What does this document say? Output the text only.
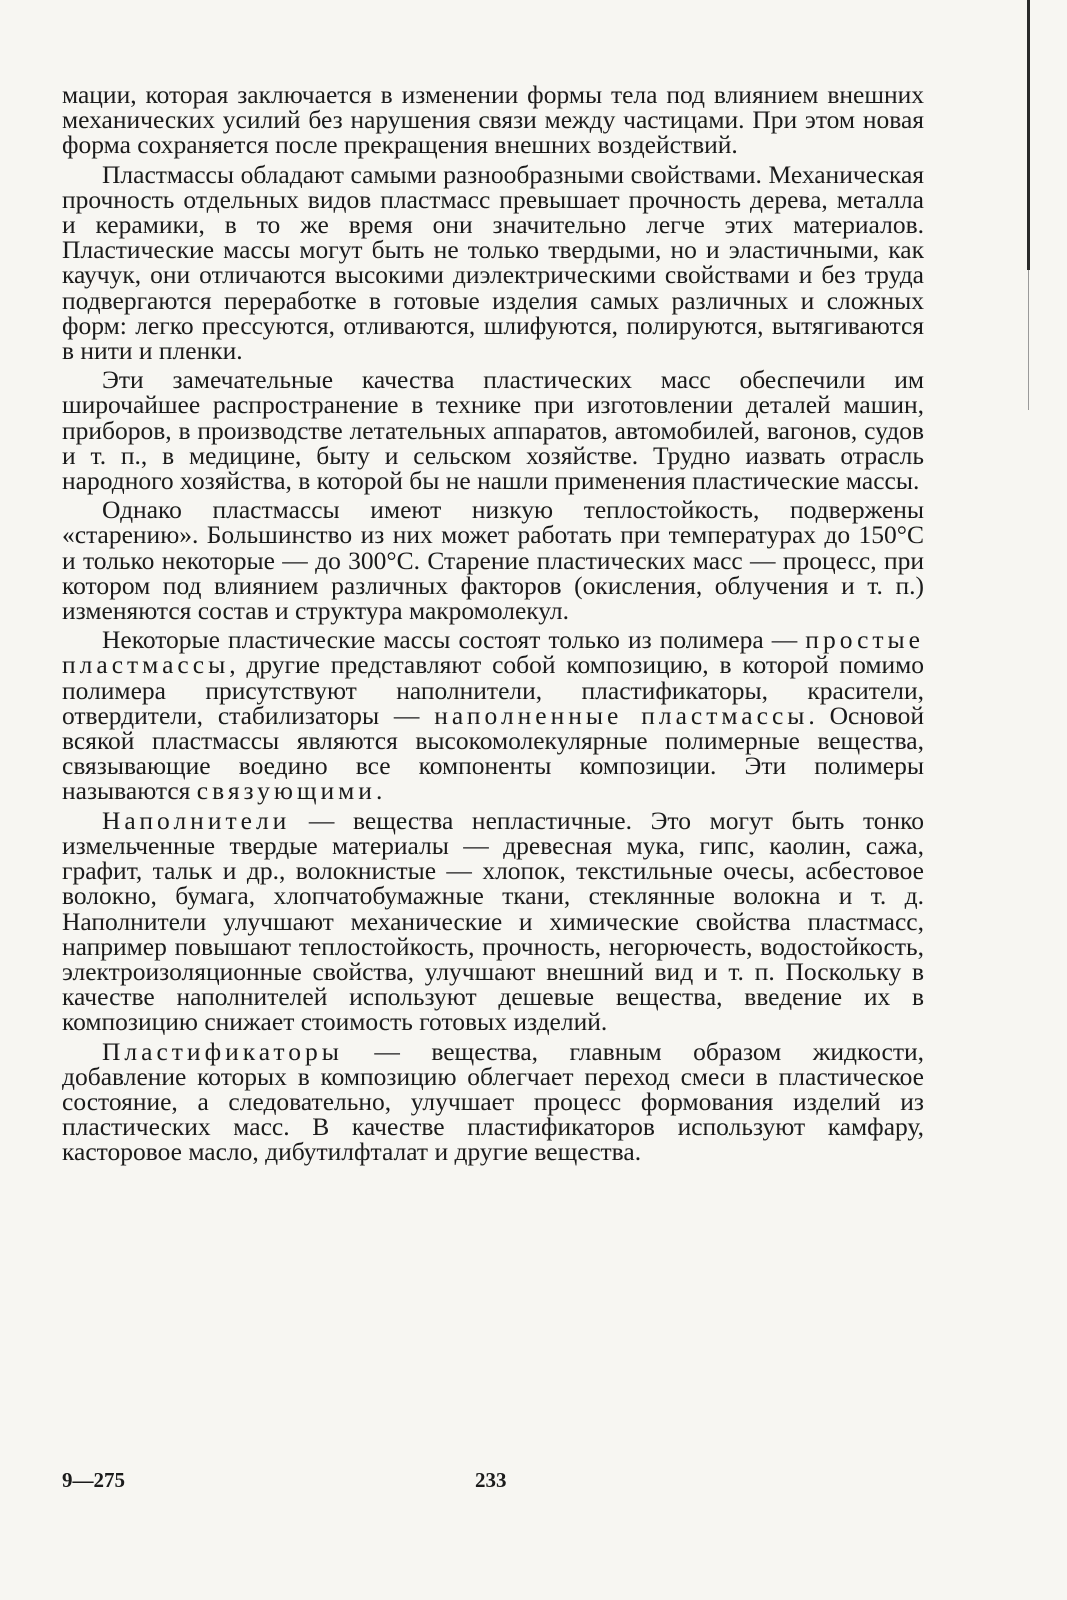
мации, которая заключается в изменении формы тела под влиянием внешних механических усилий без нарушения связи между частицами. При этом новая форма сохраняется после прекращения внешних воздействий.

Пластмассы обладают самыми разнообразными свойствами. Механическая прочность отдельных видов пластмасс превышает прочность дерева, металла и керамики, в то же время они значительно легче этих материалов. Пластические массы могут быть не только твердыми, но и эластичными, как каучук, они отличаются высокими диэлектрическими свойствами и без труда подвергаются переработке в готовые изделия самых различных и сложных форм: легко прессуются, отливаются, шлифуются, полируются, вытягиваются в нити и пленки.

Эти замечательные качества пластических масс обеспечили им широчайшее распространение в технике при изготовлении деталей машин, приборов, в производстве летательных аппаратов, автомобилей, вагонов, судов и т. п., в медицине, быту и сельском хозяйстве. Трудно иазвать отрасль народного хозяйства, в которой бы не нашли применения пластические массы.

Однако пластмассы имеют низкую теплостойкость, подвержены «старению». Большинство из них может работать при температурах до 150°С и только некоторые — до 300°С. Старение пластических масс — процесс, при котором под влиянием различных факторов (окисления, облучения и т. п.) изменяются состав и структура макромолекул.

Некоторые пластические массы состоят только из полимера — простые пластмассы, другие представляют собой композицию, в которой помимо полимера присутствуют наполнители, пластификаторы, красители, отвердители, стабилизаторы — наполненные пластмассы. Основой всякой пластмассы являются высокомолекулярные полимерные вещества, связывающие воедино все компоненты композиции. Эти полимеры называются связующими.

Наполнители — вещества непластичные. Это могут быть тонко измельченные твердые материалы — древесная мука, гипс, каолин, сажа, графит, тальк и др., волокнистые — хлопок, текстильные очесы, асбестовое волокно, бумага, хлопчатобумажные ткани, стеклянные волокна и т. д. Наполнители улучшают механические и химические свойства пластмасс, например повышают теплостойкость, прочность, негорючесть, водостойкость, электроизоляционные свойства, улучшают внешний вид и т. п. Поскольку в качестве наполнителей используют дешевые вещества, введение их в композицию снижает стоимость готовых изделий.

Пластификаторы — вещества, главным образом жидкости, добавление которых в композицию облегчает переход смеси в пластическое состояние, а следовательно, улучшает процесс формования изделий из пластических масс. В качестве пластификаторов используют камфару, касторовое масло, дибутилфталат и другие вещества.

9—275	233
